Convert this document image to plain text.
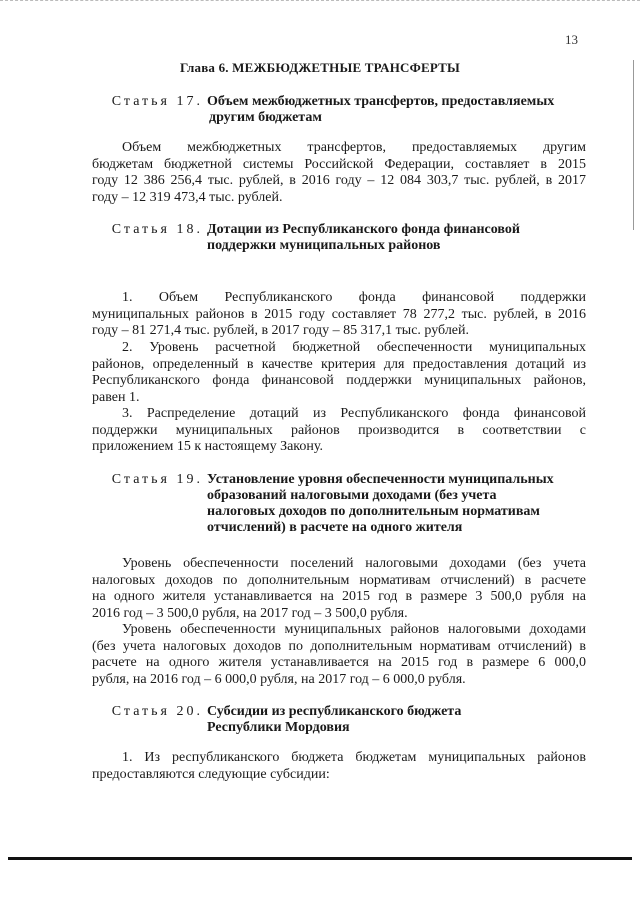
13
Глава 6. МЕЖБЮДЖЕТНЫЕ ТРАНСФЕРТЫ
Статья 17. Объем межбюджетных трансфертов, предоставляемых
другим бюджетам
Объем межбюджетных трансфертов, предоставляемых другим
бюджетам бюджетной системы Российской Федерации, составляет в 2015
году 12 386 256,4 тыс. рублей, в 2016 году – 12 084 303,7 тыс. рублей, в 2017
году – 12 319 473,4 тыс. рублей.
Статья 18. Дотации из Республиканского фонда финансовой
поддержки муниципальных районов
1. Объем Республиканского фонда финансовой поддержки
муниципальных районов в 2015 году составляет 78 277,2 тыс. рублей, в 2016
году – 81 271,4 тыс. рублей, в 2017 году – 85 317,1 тыс. рублей.
2. Уровень расчетной бюджетной обеспеченности муниципальных
районов, определенный в качестве критерия для предоставления дотаций из
Республиканского фонда финансовой поддержки муниципальных районов,
равен 1.
3. Распределение дотаций из Республиканского фонда финансовой
поддержки муниципальных районов производится в соответствии с
приложением 15 к настоящему Закону.
Статья 19. Установление уровня обеспеченности муниципальных
образований налоговыми доходами (без учета
налоговых доходов по дополнительным нормативам
отчислений) в расчете на одного жителя
Уровень обеспеченности поселений налоговыми доходами (без учета
налоговых доходов по дополнительным нормативам отчислений) в расчете
на одного жителя устанавливается на 2015 год в размере 3 500,0 рубля на
2016 год – 3 500,0 рубля, на 2017 год – 3 500,0 рубля.
Уровень обеспеченности муниципальных районов налоговыми доходами
(без учета налоговых доходов по дополнительным нормативам отчислений) в
расчете на одного жителя устанавливается на 2015 год в размере 6 000,0
рубля, на 2016 год – 6 000,0 рубля, на 2017 год – 6 000,0 рубля.
Статья 20. Субсидии из республиканского бюджета
Республики Мордовия
1. Из республиканского бюджета бюджетам муниципальных районов
предоставляются следующие субсидии:
